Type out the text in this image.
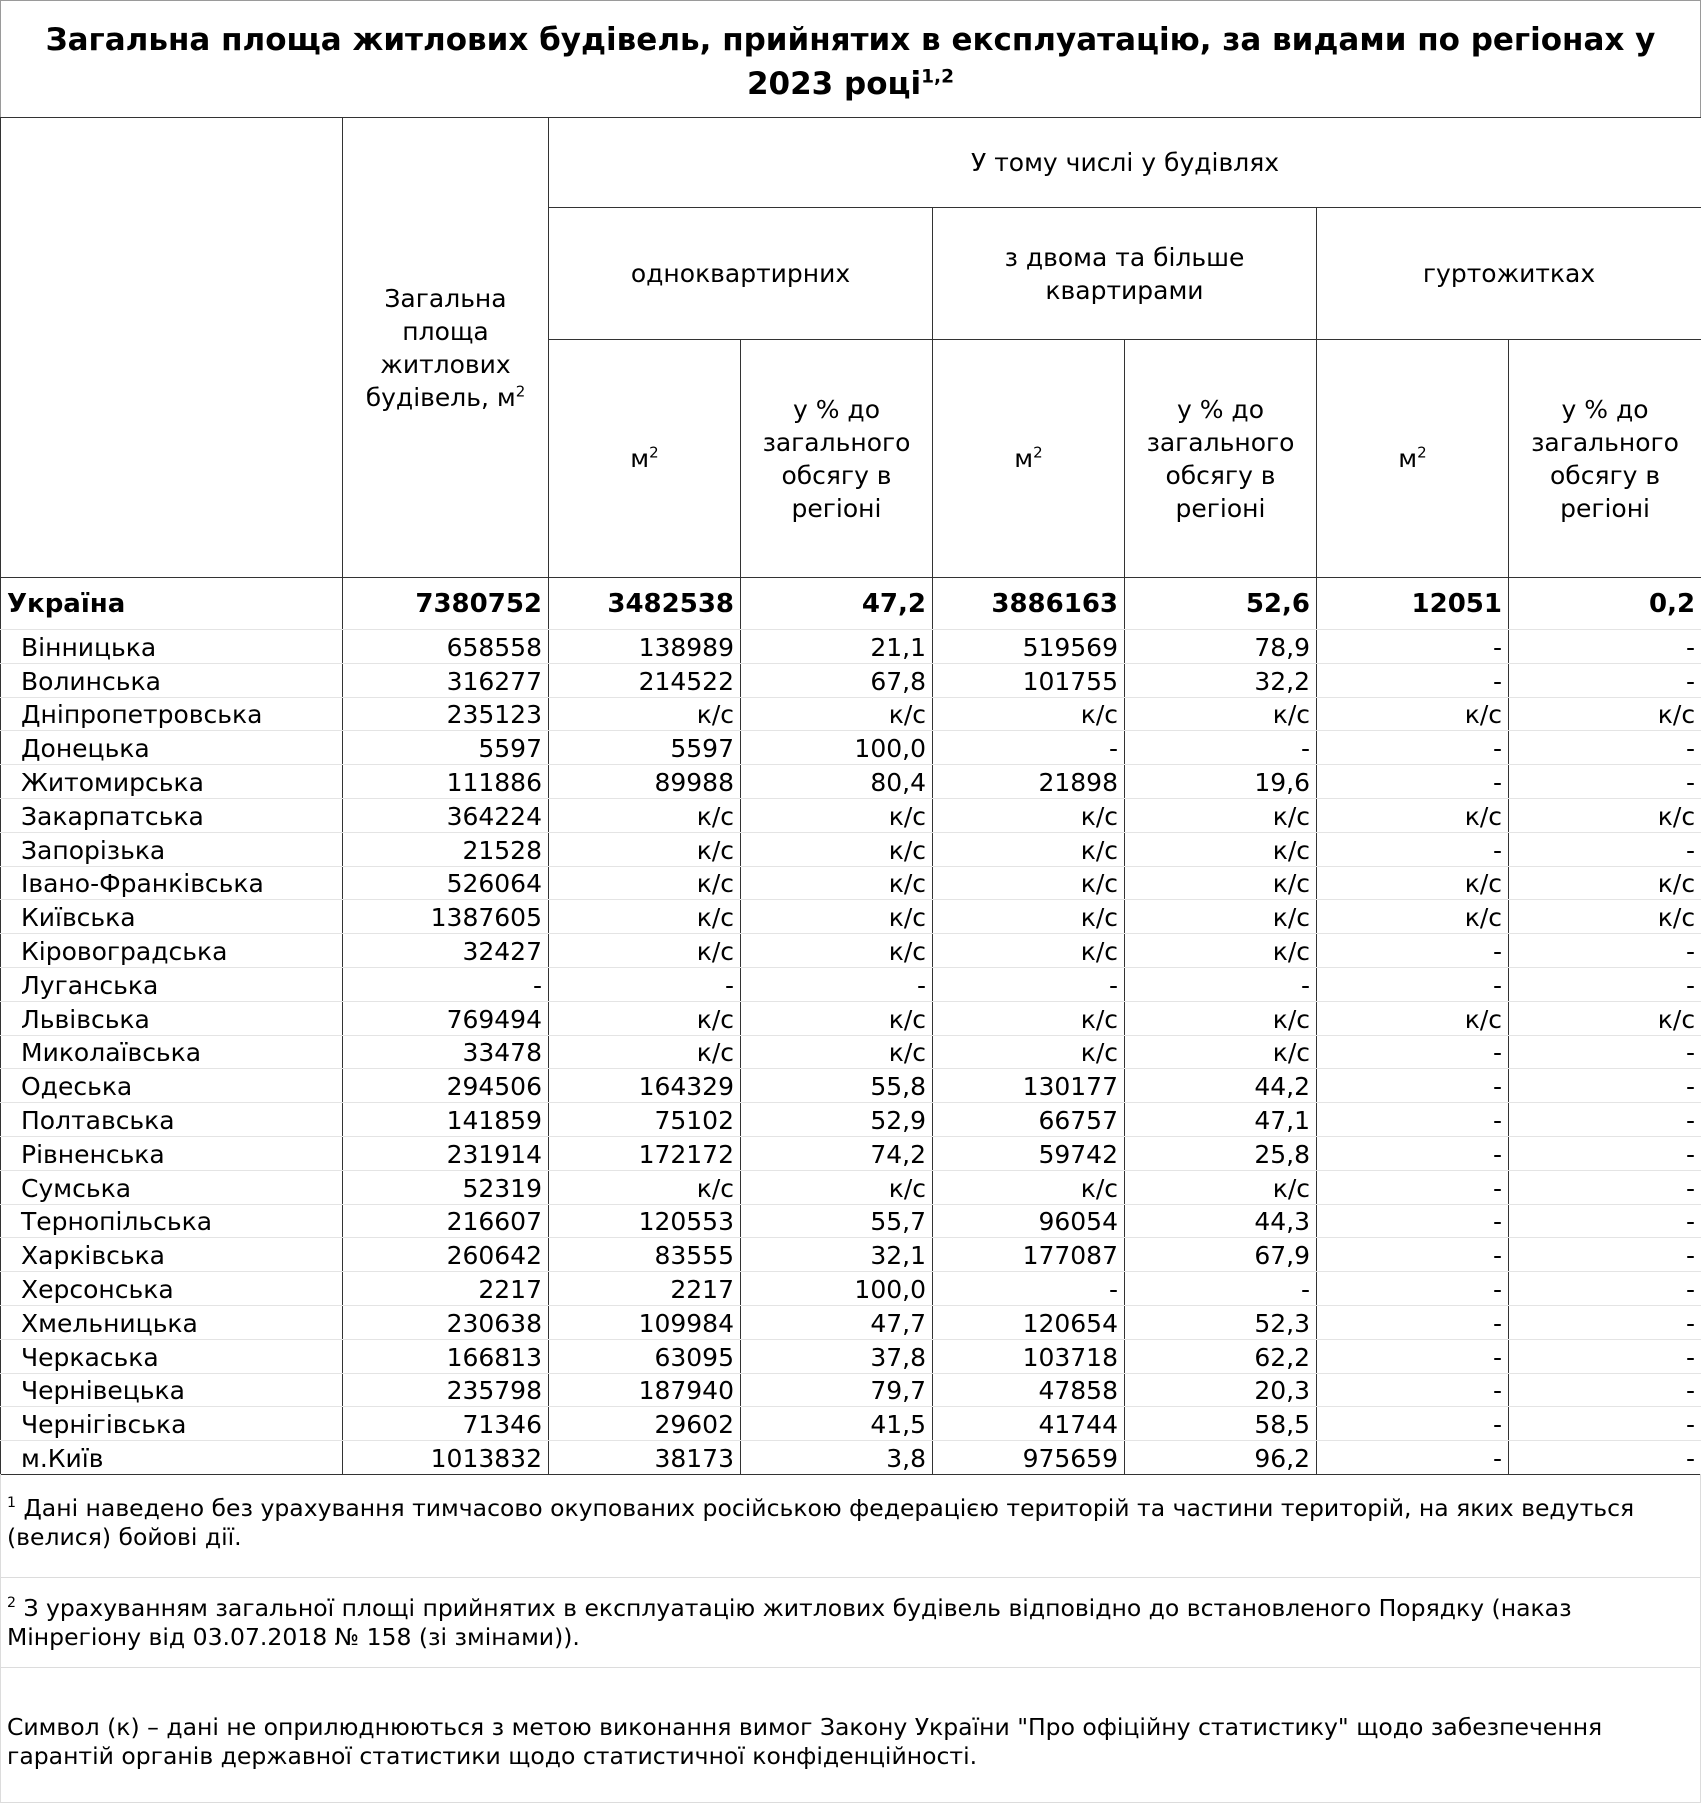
Загальна площа житлових будівель, прийнятих в експлуатацію, за видами по регіонах у 2023 році$^{1,2}$
	Загальна площа житлових будівель, $м^2$	У тому числі у будівлях					
		одноквартирних		з двома та більше квартирами		гуртожитках	
		$м^2$	у % до загального обсягу в регіоні	$м^2$	у % до загального обсягу в регіоні	$м^2$	у % до загального обсягу в регіоні
Україна	7380752	3482538	47,2	3886163	52,6	12051	0,2
Вінницька	658558	138989	21,1	519569	78,9	-	-
Волинська	316277	214522	67,8	101755	32,2	-	-
Дніпропетровська	235123	к/с	к/с	к/с	к/с	к/с	к/с
Донецька	5597	5597	100,0	-	-	-	-
Житомирська	111886	89988	80,4	21898	19,6	-	-
Закарпатська	364224	к/с	к/с	к/с	к/с	к/с	к/с
Запорізька	21528	к/с	к/с	к/с	к/с	-	-
Івано-Франківська	526064	к/с	к/с	к/с	к/с	к/с	к/с
Київська	1387605	к/с	к/с	к/с	к/с	к/с	к/с
Кіровоградська	32427	к/с	к/с	к/с	к/с	-	-
Луганська	-	-	-	-	-	-	-
Львівська	769494	к/с	к/с	к/с	к/с	к/с	к/с
Миколаївська	33478	к/с	к/с	к/с	к/с	-	-
Одеська	294506	164329	55,8	130177	44,2	-	-
Полтавська	141859	75102	52,9	66757	47,1	-	-
Рівненська	231914	172172	74,2	59742	25,8	-	-
Сумська	52319	к/с	к/с	к/с	к/с	-	-
Тернопільська	216607	120553	55,7	96054	44,3	-	-
Харківська	260642	83555	32,1	177087	67,9	-	-
Херсонська	2217	2217	100,0	-	-	-	-
Хмельницька	230638	109984	47,7	120654	52,3	-	-
Черкаська	166813	63095	37,8	103718	62,2	-	-
Чернівецька	235798	187940	79,7	47858	20,3	-	-
Чернігівська	71346	29602	41,5	41744	58,5	-	-
м.Київ	1013832	38173	3,8	975659	96,2	-	-
$^1$ Дані наведено без урахування тимчасово окупованих російською федерацією територій та частини територій, на яких ведуться (велися) бойові дії.
$^2$ З урахуванням загальної площі прийнятих в експлуатацію житлових будівель відповідно до встановленого Порядку (наказ Мінрегіону від 03.07.2018 № 158 (зі змінами)).
Символ (к) – дані не оприлюднюються з метою виконання вимог Закону України "Про офіційну статистику" щодо забезпечення гарантій органів державної статистики щодо статистичної конфіденційності.
